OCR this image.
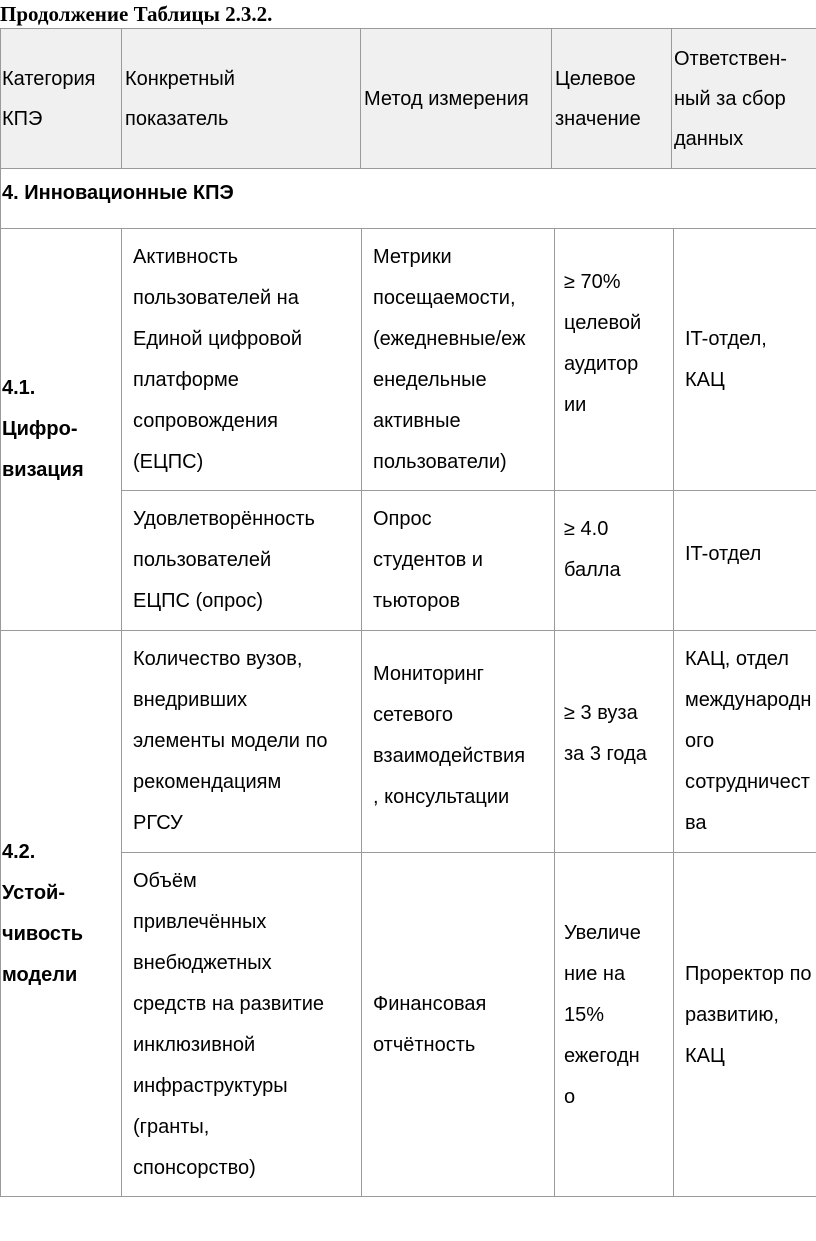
Продолжение Таблицы 2.3.2.
Категория
КПЭ
Конкретный
показатель
Метод измерения
Целевое
значение
Ответствен-
ный за сбор
данных
4. Инновационные КПЭ
4.1.
Цифро-
визация
Активность
пользователей на
Единой цифровой
платформе
сопровождения
(ЕЦПС)
Метрики
посещаемости,
(ежедневные/еж
енедельные
активные
пользователи)
≥ 70%
целевой
аудитор
ии
IT-отдел,
КАЦ
Удовлетворённость
пользователей
ЕЦПС (опрос)
Опрос
студентов и
тьюторов
≥ 4.0
балла
IT-отдел
4.2.
Устой-
чивость
модели
Количество вузов,
внедривших
элементы модели по
рекомендациям
РГСУ
Мониторинг
сетевого
взаимодействия
, консультации
≥ 3 вуза
за 3 года
КАЦ, отдел
международн
ого
сотрудничест
ва
Объём
привлечённых
внебюджетных
средств на развитие
инклюзивной
инфраструктуры
(гранты,
спонсорство)
Финансовая
отчётность
Увеличе
ние на
15%
ежегодн
о
Проректор по
развитию,
КАЦ
